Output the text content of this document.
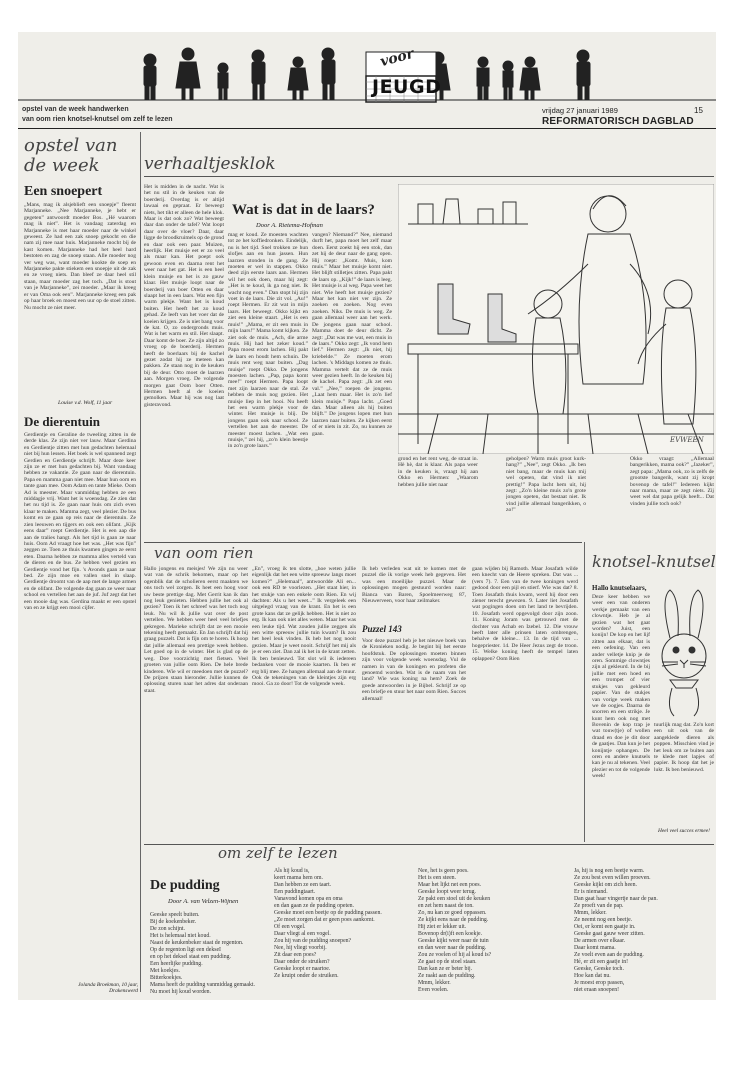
voor
JEUGD
opstel van de week handwerken
van oom rien knotsel-knutsel om zelf te lezen
vrijdag 27 januari 1989	15
REFORMATORISCH DAGBLAD
opstel van de week
Een snoepert
„Mans, mag ik alsjeblieft een snoepje” fleemt Marjanneke. „Nee Marjanneke, je hebt er gegeten” antwoordt moeder Bos. „Hé waarom mag ik niet”. Het is vandaag zaterdag en Marjanneke is met haar moeder naar de winkel geweest. Ze had een zak snoep gekocht en die nam zij mee naar huis. Marjanneke mocht bij de kast komen. Marjanneke had het heel hard bestoten en zag de snoep staan. Alle moeder nog ver weg was, want moeder kookte de soep en Marjanneke pakte stiekem een snoepje uit de zak en ze vroeg niets. Dan bleef ze daar heel stil staan, maar moeder zag het toch. „Dat is stout van je Marjanneke”, zei moeder. „Maar ik kreeg er van Oma ook een”. Marjanneke kreeg een pak op haar broek en moest een uur op de stoel zitten. Nu mocht ze niet meer.
Louise v.d. Wolf, 11 jaar
De dierentuin
Gerdientje en Geraline de tweeling zitten in de derde klas. Ze zijn niet ver lauw. Maar Gerdina en Gerdientje zitten met hun gedachten helemaal niet bij hun lessen. Het boek is wel spannend zegt Gerdien en Gerdientje schrijft. Maar deze keer zijn ze er met hun gedachten bij. Want vandaag hebben ze vakantie. Ze gaan naar de dierentuin. Papa en mamma gaan niet mee. Maar hun oom en tante gaan mee. Oom Adam en tante Mieke. Oom Ad is meester. Maar vanmiddag hebben ze een middagje vrij. Want het is woensdag. Ze zien dat het nu tijd is. Ze gaan naar huis om zich even klaar te maken. Mamma zegt, veel plezier. De bus komt en ze gaan op reis naar de dierentuin. Ze zien leeuwen en tijgers en ook een olifant. „Kijk eens daar” roept Gerdientje. Het is een aap die aan de tralies hangt. Als het tijd is gaan ze naar huis. Oom Ad vraagt hoe het was. „Het was fijn” zeggen ze. Toen ze thuis kwamen gingen ze eerst eten. Daarna hebben ze mamma alles verteld van de dieren en de bus. Ze hebben veel gezien en Gerdientje vond het fijn. 's Avonds gaan ze naar bed. Ze zijn moe en vallen snel in slaap. Gerdientje droomt van de aap met de lange armen en de olifant. De volgende dag gaan ze weer naar school en vertellen het aan de juf. Juf zegt dat het een mooie dag was. Gerdina maakt er een opstel van en ze krijgt een mooi cijfer.
Jolanda Broekman, 10 jaar, Drakenswerd
verhaaltjesklok
Wat is dat in de laars?
Door A. Rietema-Hofman
Het is midden in de nacht. Wat is het nu stil in de keuken van de boerderij. Overdag is er altijd lawaai en gepraat. Er beweegt niets, het tikt er alleen de hele klok. Maar is dat ook zo? Wat beweegt daar dan onder de tafel? Wat loopt daar over de vloer? Daar, daar ligge de broodkruimels op de grond en daar ook een paar. Muizen, heerlijk. Het muisje eet er zo veel als maar kan. Het poept ook gewoon even en daarna rent het weer naar het gat. Het is een heel klein muisje en het is zo gauw klaar. Het muisje loopt naar de boerderij van boer Otten en daar slaapt het in een laars. Wat een fijn warm plekje. Want het is koud buiten. Het heeft het zo koud gehad. Ze leeft van het voer dat de koeien krijgen. Ze is niet bang voor de kat. O, zo ondergronds muis. Wat is het warm en stil. Het slaapt. Daar komt de boer. Ze zijn altijd zo vroeg op de boerderij. Hermen heeft de boerlaars bij de kachel gezet zodat hij ze meteen kan pakken. Ze staan nog in de keuken bij de deur. Otto moet de laarzen aan. Morgen vroeg. De volgende morgen gaat Oom boer Otten. Hermen heeft al de koeien gemolken. Maar hij was nog laat gisteravond.
mag er koud. Ze moesten wachten tot ze het koffiedronken. Eindelijk, nu is het tijd. Snel trokken ze hun slofjes aan en hun jassen. Hun laarzen stonden in de gang. Ze moeten er wel in stappen. Okko deed zijn eerste laars aan. Hermen wil het ook doen, maar hij zegt: „Het is te koud, ik ga nog niet. Ik wacht nog even.” Dan stopt hij zijn voet in de laars. Die zit vol. „Au!” roept Hermen. Er zit wat in mijn laars. Het beweegt. Okko kijkt en ziet een kleine staart. „Het is een muis!” „Mama, er zit een muis in mijn laars!” Mama komt kijken. Ze ziet ook de muis. „Ach, die arme muis. Hij had het zeker koud.” Papa moest erom lachen. Hij pakt de laars en houdt hem schuin. De muis rent weg naar buiten. „Dag muisje” roept Okko. De jongens moesten lachen. „Pap, papa komt mee!” roept Hermen. Papa loopt met zijn laarzen naar de stal. Ze hebben de muis nog gezien. Het muisje liep in het hooi. Nu heeft het een warm plekje voor de winter. Het muisje is blij. De jongens gaan ook naar school. Ze vertellen het aan de meester. De meester moest lachen. „Wat een muisje,” zei hij, „zo'n klein beestje in zo'n grote laars.”
vangen? Niemand?” Nee, niemand durft het, papa moet het zelf maar doen. Eerst zoekt hij een stok, dan zet hij de deur naar de gang open. Hij roept: „Komt. Muis, kom muis.” Maar het muisje komt niet. Het blijft stilletjes zitten. Papa pakt de laars op. „Kijk!” de laars is leeg. Het muisje is al weg. Papa weet het niet. Wie heeft het muisje gezien? Maar het kan niet ver zijn. Ze zoeken en zoeken. Nog even zoeken. Niks. De muis is weg. Ze gaan allemaal weer aan het werk. De jongens gaan naar school. Mamma doet de deur dicht. Ze zegt: „Dat was me wat, een muis in de laars.” Okko zegt: „Ik vond hem lief.” Hermen zegt: „Ik niet, hij kriebelde.” Ze moeten erom lachen. 's Middags komen ze thuis. Mamma vertelt dat ze de muis weer gezien heeft. In de keuken bij de kachel. Papa zegt: „Ik zet een val.” „Nee,” roepen de jongens. „Laat hem maar. Het is zo'n lief klein muisje.” Papa lacht. „Goed dan. Maar alleen als hij buiten blijft.” De jongens lopen met hun laarzen naar buiten. Ze kijken eerst of er niets in zit. Zo, nu kunnen ze gaan.
EVWEEN
grond en het rent weg, de straat in. Hè hè, dat is klaar. Als papa weer in de keuken is, vraagt hij aan Okko en Hermen: „Waarom hebben jullie niet naar
geholpen? Warm muis groot kurk-hang?” „Nee”, zegt Okko. „Ik ben niet bang, maar de muis kan mij wel opeten, dat vind ik niet prettig!” Papa lacht hem uit, hij zegt: „Zo'n kleine muis zo'n grote jongen opeten, dat bestaat niet. Ik vind jullie allemaal bangerikken, o zo!”
Okko vraagt: „Allemaal bangerikken, mama ook?” „Jazeker”, zegt papa: „Mama ook, zo is zelfs de grootste bangerik, want zij kropt bovenop de tafel!” Iedereen kijkt naar mama, maar ze zegt niets. Zij weet wel dat papa gelijk heeft... Dat vinden jullie toch ook?
van oom rien
Hallo jongens en meisjes! We zijn nu weer wat van de schrik bekomen, maar op het ogenblik dat de scholieren eerst maakten we ons toch wel zorgen. Ik heet een hoog voor uw beste prettige dag. Met Gerrit kan ik dan nog leuk genieten. Hebben jullie het ook al gezien? Toen ik het schreef was het toch nog leuk. Nu wil ik jullie wat over de post vertellen. We hebben weer heel veel briefjes gekregen. Marieke schrijft dat ze een mooie tekening heeft gemaakt. En Jan schrijft dat hij graag puzzelt. Dat is fijn om te horen. Ik hoop dat jullie allemaal een prettige week hebben. Let goed op in de winter. Het is glad op de weg. Doe voorzichtig met fietsen. Veel groeten van jullie oom Rien. De hele brede kinderen. Wie wil er meedoen met de puzzel? De prijzen staan hieronder. Jullie kunnen de oplossing sturen naar het adres dat onderaan staat.
„En”, vroeg ik ten slotte, „hoe weten jullie eigenlijk dat het een witte spreeuw langs moet komen?” „Helemaal”, antwoordde Ali en... ook een RD te voorlezen. „Het staat hier, in het stukje van een enkele oom Rien. En wij dachten: Als u het weet...” Ik vergeleek een uitgelegd vraag van de krant. En het is een grote kans dat ze gelijk hebben. Het is niet zo erg. Ik kan ook niet alles weten. Maar het was een leuke tijd. Wat zouden jullie zeggen als een witte spreeuw jullie tuin kwam? Ik zou het heel leuk vinden. Ik heb het nog nooit gezien. Maar je weet nooit. Schrijf het mij als je er een ziet. Dan zal ik het in de krant zetten. Ik ben benieuwd. Tot slot wil ik iedereen bedanken voor de mooie kaarten. Ik ben er erg blij mee. Ze hangen allemaal aan de muur. Ook de tekeningen van de kleintjes zijn erg mooi. Ga zo door! Tot de volgende week.
Ik heb verleden wat uit te komen met de puzzel die ik vorige week heb gegeven. Het was een moeilijke puzzel. Maar de oplossingen mogen gestuurd worden naar: Bianca van Baren, Spoelmeerweg 87, Nieuwerveen, voor haar zeilmaker.
Puzzel 143
Voor deze puzzel heb je het nieuwe boek van de Kronieken nodig. Je begint bij het eerste hoofdstuk. De oplossingen moeten binnen zijn voor volgende week woensdag. Vul de namen in van de koningen en profeten die genoemd worden. Wat is de naam van het land? Wie was koning na hem? Zoek de goede antwoorden in je Bijbel. Schrijf ze op een briefje en stuur het naar oom Rien. Succes allemaal!
gaan wijden bij Ramoth. Maar Josafath wilde een knecht van de Heere spreken. Dat was ... (vers 7). 7. Een van de twee koningen werd gedood door een pijl en stierf. Wie was dat? 8. Toen Josafath thuis kwam, werd hij door een ziener terecht gewezen. 9. Later liet Josafath wat pogingen doen om het land te bevrijden. 10. Josafath werd opgevolgd door zijn zoon. 11. Koning Joram was getrouwd met de dochter van Achab en Izebel. 12. Die vrouw heeft later alle prinsen laten ombrengen, behalve de kleine... 13. In de tijd van ... hogepriester. 14. De Heer Jezus zegt de troon. 15. Welke koning heeft de tempel laten oplappen? Oom Rien
knotsel-knutsel
Hallo knutselaars,
Deze keer hebben we weer een van onderen werkje gemaakt van een clowntje. Heb je al gezien wat het gaat worden? Juist, een konijn! De kop en het lijf zitten aan elkaar, dat is een oefening. Van een ander velletje knip je de oren. Sommige clowntjes zijn al gekleurd. In de bij jullie met een hoed en een trompet of vier stukjes van gekleurd papier. Van de stukjes van vorige week maken we de oogjes. Daarna de snorren en een strikje. Je kunt hem ook nog met
Bovenin de kop trap je wat touw(tje) of wollen draad en doe je dit door de gaatjes. Dan kun je het konijntje ophangen. De oren en andere knutsels kan je nu al tekenen. Veel plezier en tot de volgende week!
tuurlijk mag dat. Zo'n kort een uit ook van de aangeklede dieren als poppen. Misschien vind je het leuk om ze buiten aan te klede met lapjes of papier. Ik hoop dat het je lukt. Ik ben benieuwd.
Heel veel succes ermee!
om zelf te lezen
De pudding
Door A. van Velzen-Wijnen
Geeske speelt buiten.
Bij de koekenbeker.
De zon schijnt.
Het is helemaal niet koud.
Naast de keukenbeker staat de regenton.
Op de regenton ligt een dekseI
en op het deksel staat een pudding.
Een heerlijke pudding.
Met koekjes.
Bitterkoekjes.
Mama heeft de pudding vanmiddag gemaakt.
Nu moet hij koud worden.
Als hij koud is,
keert mama hem om.
Dan hebben ze een taart.
Een puddingtaart.
Vanavond komen opa en oma
en dan gaan ze de pudding opeten.
Geeske moet een beetje op de pudding passen.
„Ze moet zorgen dat er geen poes aankomt.
Of een vogel.
Daar vliegt al een vogel.
Zou hij van de pudding snoepen?
Nee, hij vliegt voorbij.
Zit daar een poes?
Daar onder de struiken?
Geeske loopt er naartoe.
Ze kruipt onder de struiken.
Nee, het is geen poes.
Het is een steen.
Maar het lijkt net een poes.
Geeske loopt weer terug.
Ze pakt een stoel uit de keuken
en zet hem naast de ton.
Zo, nu kan ze goed oppassen.
Ze kijkt eens naar de pudding.
Hij ziet er lekker uit.
Bovenop dr(i)ft een koekje.
Geeske kijkt weer naar de tuin
en dan weer naar de pudding.
Zou ze voelen of hij al koud is?
Ze gaat op de stoel staan.
Dan kan ze er beter bij.
Ze raakt aan de pudding.
Mmm, lekker.
Even voelen.
Ja, hij is nog een beetje warm.
Ze zou best even willen proeven.
Geeske kijkt om zich heen.
Er is niemand.
Dan gaat haar vingertje naar de pan.
Ze proeft van de pap.
Mmm, lekker.
Ze neemt nog een beetje.
Oei, er komt een gaatje in.
Geeske gaat gauw weer zitten.
De armen over elkaar.
Daar komt mama.
Ze voelt even aan de pudding.
Hé, er zit een gaatje in!
Geeske, Geeske toch.
Hoe kan dat nu.
Je moest erop passen,
niet eraan snoepen!
